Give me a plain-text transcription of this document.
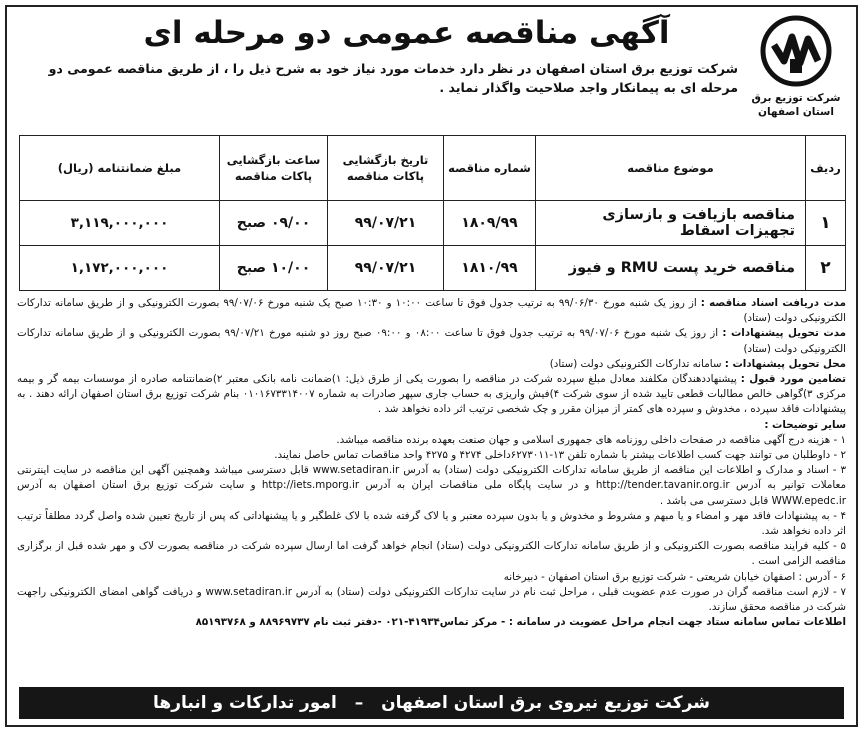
شرکت توزیع برق
استان اصفهان
آگهی مناقصه عمومی دو مرحله ای
شرکت توزیع برق استان اصفهان در نظر دارد خدمات مورد نیاز خود به شرح ذیل را ، از طریق مناقصه عمومی دو مرحله ای به پیمانکار واجد صلاحیت واگذار نماید .
ردیف	موضوع مناقصه	شماره مناقصه	تاریخ بازگشایی پاکات مناقصه	ساعت بازگشایی پاکات مناقصه	مبلغ ضمانتنامه (ریال)
۱	مناقصه بازیافت و بازسازی تجهیزات اسقاط	۱۸۰۹/۹۹	۹۹/۰۷/۲۱	۰۹/۰۰ صبح	۳,۱۱۹,۰۰۰,۰۰۰
۲	مناقصه خرید پست RMU و فیوز	۱۸۱۰/۹۹	۹۹/۰۷/۲۱	۱۰/۰۰ صبح	۱,۱۷۲,۰۰۰,۰۰۰

مدت دریافت اسناد مناقصه : از روز یک شنبه مورخ ۹۹/۰۶/۳۰ به ترتیب جدول فوق تا ساعت ۱۰:۰۰ و ۱۰:۳۰ صبح یک شنبه مورخ ۹۹/۰۷/۰۶ بصورت الکترونیکی و از طریق سامانه تدارکات الکترونیکی دولت (ستاد)

مدت تحویل پیشنهادات : از روز یک شنبه مورخ ۹۹/۰۷/۰۶ به ترتیب جدول فوق تا ساعت ۰۸:۰۰ و ۰۹:۰۰ صبح روز دو شنبه مورخ ۹۹/۰۷/۲۱ بصورت الکترونیکی و از طریق سامانه تدارکات الکترونیکی دولت (ستاد)

محل تحویل پیشنهادات : سامانه تدارکات الکترونیکی دولت (ستاد)

تضامین مورد قبول : پیشنهاددهندگان مکلفند معادل مبلغ سپرده شرکت در مناقصه را بصورت یکی از طرق ذیل: ۱)ضمانت نامه بانکی معتبر ۲)ضمانتنامه صادره از موسسات بیمه گر و بیمه مرکزی ۳)گواهی خالص مطالبات قطعی تایید شده از سوی شرکت ۴)فیش واریزی به حساب جاری سپهر صادرات به شماره ۰۱۰۱۶۷۳۳۱۴۰۰۷ بنام شرکت توزیع برق استان اصفهان ارائه دهند . به پیشنهادات فاقد سپرده ، مخدوش و سپرده های کمتر از میزان مقرر و چک شخصی ترتیب اثر داده نخواهد شد .

سایر توضیحات :

۱ - هزینه درج آگهی مناقصه در صفحات داخلی روزنامه های جمهوری اسلامی و جهان صنعت بعهده برنده مناقصه میباشد.

۲ - داوطلبان می توانند جهت کسب اطلاعات بیشتر با شماره تلفن ۱۳-۶۲۷۳۰۱۱داخلی ۴۲۷۴ و ۴۲۷۵ واحد مناقصات تماس حاصل نمایند.

۳ - اسناد و مدارک و اطلاعات این مناقصه از طریق سامانه تدارکات الکترونیکی دولت (ستاد) به آدرس www.setadiran.ir قابل دسترسی میباشد وهمچنین آگهی این مناقصه در سایت اینترنتی معاملات توانیر به آدرس http://tender.tavanir.org.ir و در سایت پایگاه ملی مناقصات ایران به آدرس http://iets.mporg.ir و سایت شرکت توزیع برق استان اصفهان به آدرس WWW.epedc.ir قابل دسترسی می باشد .

۴ - به پیشنهادات فاقد مهر و امضاء و یا مبهم و مشروط و مخدوش و یا بدون سپرده معتبر و یا لاک گرفته شده با لاک غلطگیر و یا پیشنهاداتی که پس از تاریخ تعیین شده واصل گردد مطلقاً ترتیب اثر داده نخواهد شد.

۵ - کلیه فرایند مناقصه بصورت الکترونیکی و از طریق سامانه تدارکات الکترونیکی دولت (ستاد) انجام خواهد گرفت اما ارسال سپرده شرکت در مناقصه بصورت لاک و مهر شده قبل از برگزاری مناقصه الزامی است .

۶ - آدرس : اصفهان خیابان شریعتی - شرکت توزیع برق استان اصفهان - دبیرخانه

۷ - لازم است مناقصه گران در صورت عدم عضویت قبلی ، مراحل ثبت نام در سایت تدارکات الکترونیکی دولت (ستاد) به آدرس www.setadiran.ir و دریافت گواهی امضای الکترونیکی راجهت شرکت در مناقصه محقق سازند.

اطلاعات تماس سامانه ستاد جهت انجام مراحل عضویت در سامانه : - مرکز تماس۴۱۹۳۴-۰۲۱ -دفتر ثبت نام ۸۸۹۶۹۷۳۷ و ۸۵۱۹۳۷۶۸

شرکت توزیع نیروی برق استان اصفهان – امور تدارکات و انبارها
